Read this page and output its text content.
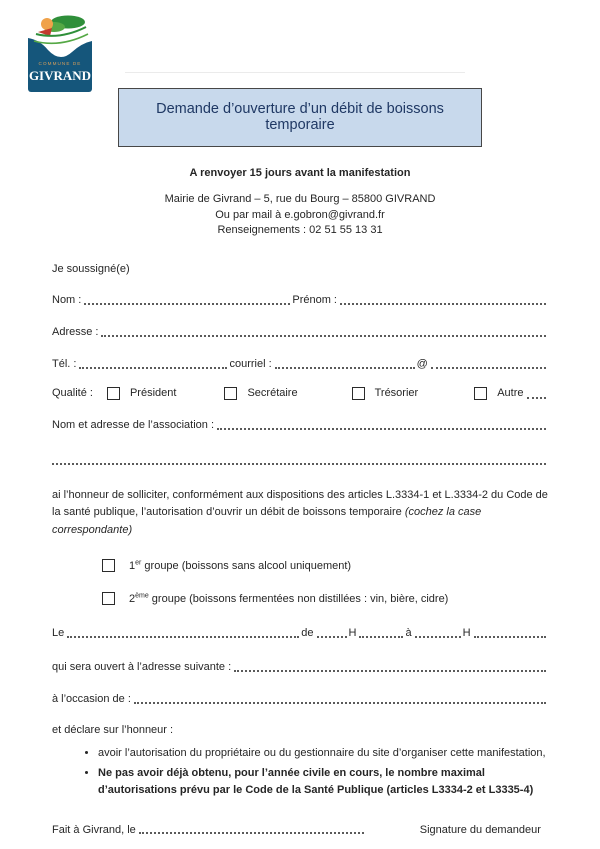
COMMUNE DE
GIVRAND
Demande d’ouverture d’un débit de boissons temporaire
A renvoyer 15 jours avant la manifestation
Mairie de Givrand – 5, rue du Bourg – 85800 GIVRAND
Ou par mail à e.gobron@givrand.fr
Renseignements : 02 51 55 13 31
Je soussigné(e)
Nom :	Prénom :
Adresse :
Tél. :	courriel :	@
Qualité :	Président	Secrétaire	Trésorier	Autre
Nom et adresse de l’association :
ai l’honneur de solliciter, conformément aux dispositions des articles L.3334-1 et L.3334-2 du Code de la santé publique, l’autorisation d’ouvrir un débit de boissons temporaire (cochez la case correspondante)
1er groupe (boissons sans alcool uniquement)
2ème groupe (boissons fermentées non distillées : vin, bière, cidre)
Le	de	H	à	H
qui sera ouvert à l’adresse suivante :
à l’occasion de :
et déclare sur l’honneur :
• avoir l’autorisation du propriétaire ou du gestionnaire du site d’organiser cette manifestation,
• Ne pas avoir déjà obtenu, pour l’année civile en cours, le nombre maximal d’autorisations prévu par le Code de la Santé Publique (articles L3334-2 et L3335-4)
Fait à Givrand, le	Signature du demandeur
